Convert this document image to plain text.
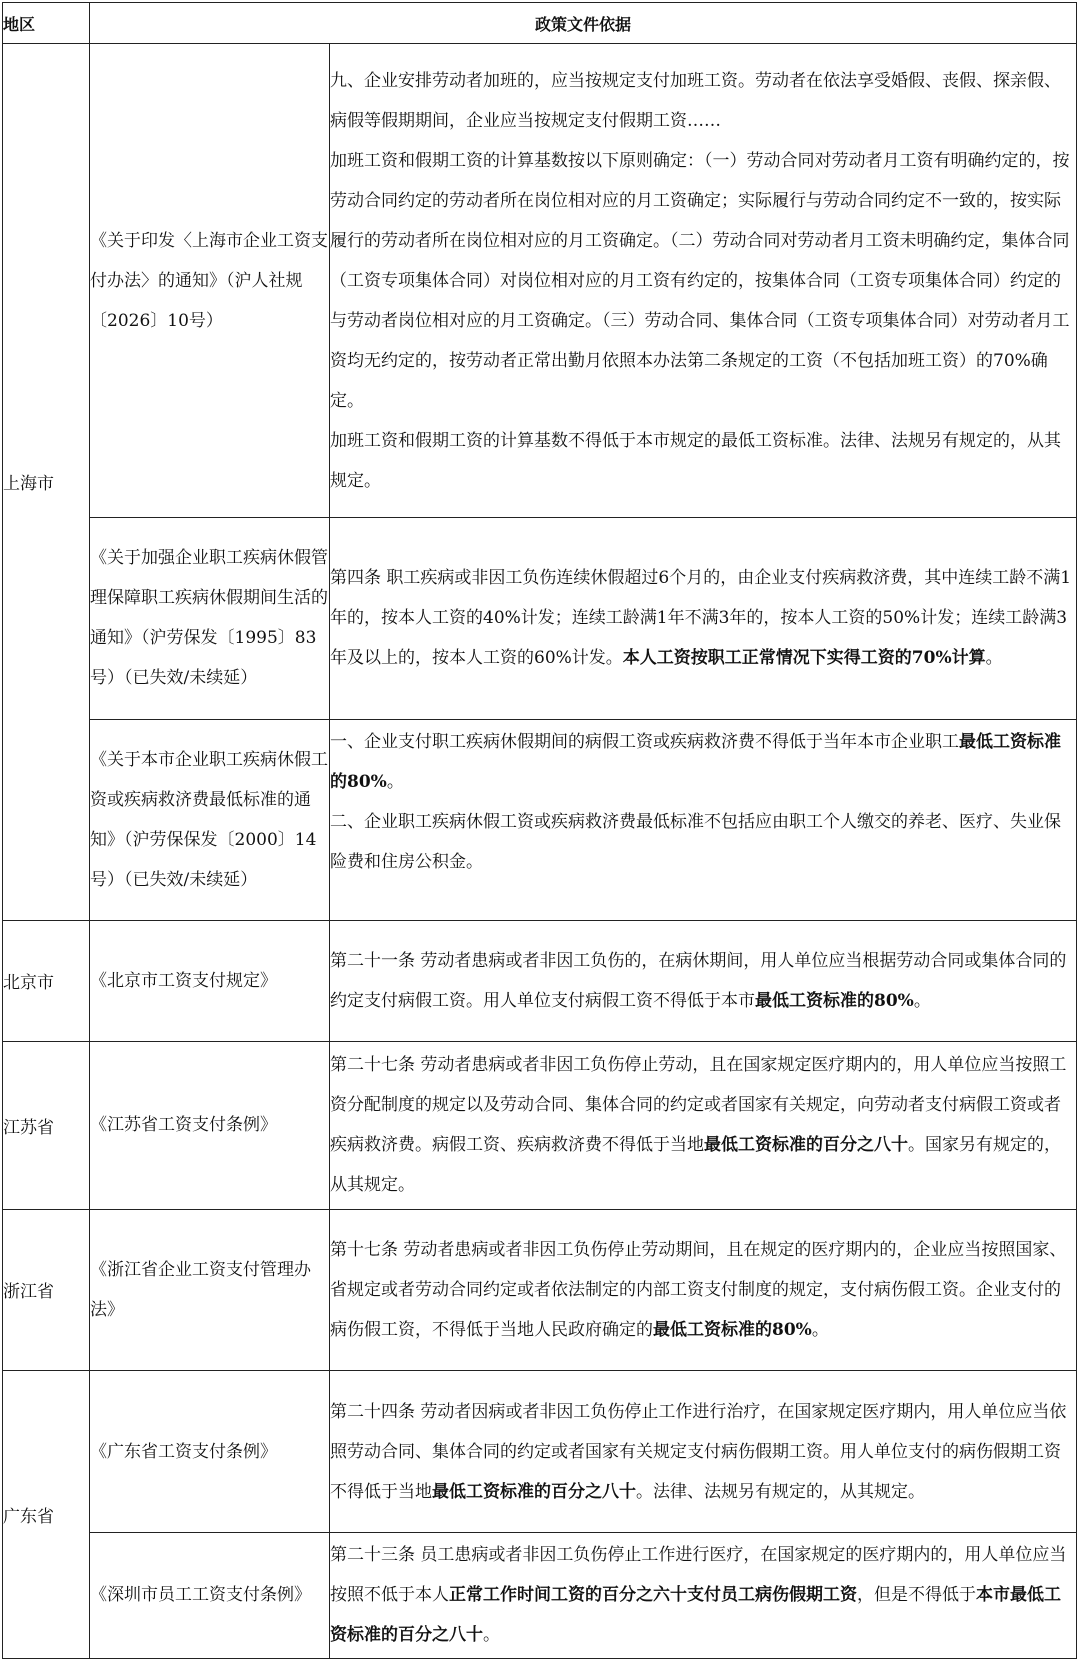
地区	政策文件依据	
上海市	《关于印发〈上海市企业工资支付办法〉的通知》（沪人社规〔2026〕10号）	九、企业安排劳动者加班的，应当按规定支付加班工资。劳动者在依法享受婚假、丧假、探亲假、病假等假期期间，企业应当按规定支付假期工资……

加班工资和假期工资的计算基数按以下原则确定：（一）劳动合同对劳动者月工资有明确约定的，按劳动合同约定的劳动者所在岗位相对应的月工资确定；实际履行与劳动合同约定不一致的，按实际履行的劳动者所在岗位相对应的月工资确定。（二）劳动合同对劳动者月工资未明确约定，集体合同（工资专项集体合同）对岗位相对应的月工资有约定的，按集体合同（工资专项集体合同）约定的与劳动者岗位相对应的月工资确定。（三）劳动合同、集体合同（工资专项集体合同）对劳动者月工资均无约定的，按劳动者正常出勤月依照本办法第二条规定的工资（不包括加班工资）的70%确定。

加班工资和假期工资的计算基数不得低于本市规定的最低工资标准。法律、法规另有规定的，从其规定。

	《关于加强企业职工疾病休假管理保障职工疾病休假期间生活的通知》（沪劳保发〔1995〕83号）（已失效/未续延）	第四条 职工疾病或非因工负伤连续休假超过6个月的，由企业支付疾病救济费，其中连续工龄不满1年的，按本人工资的40%计发；连续工龄满1年不满3年的，按本人工资的50%计发；连续工龄满3年及以上的，按本人工资的60%计发。本人工资按职工正常情况下实得工资的70%计算。

	《关于本市企业职工疾病休假工资或疾病救济费最低标准的通知》（沪劳保保发〔2000〕14号）（已失效/未续延）	一、企业支付职工疾病休假期间的病假工资或疾病救济费不得低于当年本市企业职工最低工资标准的80%。

二、企业职工疾病休假工资或疾病救济费最低标准不包括应由职工个人缴交的养老、医疗、失业保险费和住房公积金。

北京市	《北京市工资支付规定》	第二十一条 劳动者患病或者非因工负伤的，在病休期间，用人单位应当根据劳动合同或集体合同的约定支付病假工资。用人单位支付病假工资不得低于本市最低工资标准的80%。

江苏省	《江苏省工资支付条例》	第二十七条 劳动者患病或者非因工负伤停止劳动，且在国家规定医疗期内的，用人单位应当按照工资分配制度的规定以及劳动合同、集体合同的约定或者国家有关规定，向劳动者支付病假工资或者疾病救济费。病假工资、疾病救济费不得低于当地最低工资标准的百分之八十。国家另有规定的，从其规定。

浙江省	《浙江省企业工资支付管理办法》	第十七条 劳动者患病或者非因工负伤停止劳动期间，且在规定的医疗期内的，企业应当按照国家、省规定或者劳动合同约定或者依法制定的内部工资支付制度的规定，支付病伤假工资。企业支付的病伤假工资，不得低于当地人民政府确定的最低工资标准的80%。

广东省	《广东省工资支付条例》	第二十四条 劳动者因病或者非因工负伤停止工作进行治疗，在国家规定医疗期内，用人单位应当依照劳动合同、集体合同的约定或者国家有关规定支付病伤假期工资。用人单位支付的病伤假期工资不得低于当地最低工资标准的百分之八十。法律、法规另有规定的，从其规定。

	《深圳市员工工资支付条例》	第二十三条 员工患病或者非因工负伤停止工作进行医疗，在国家规定的医疗期内的，用人单位应当按照不低于本人正常工作时间工资的百分之六十支付员工病伤假期工资，但是不得低于本市最低工资标准的百分之八十。
